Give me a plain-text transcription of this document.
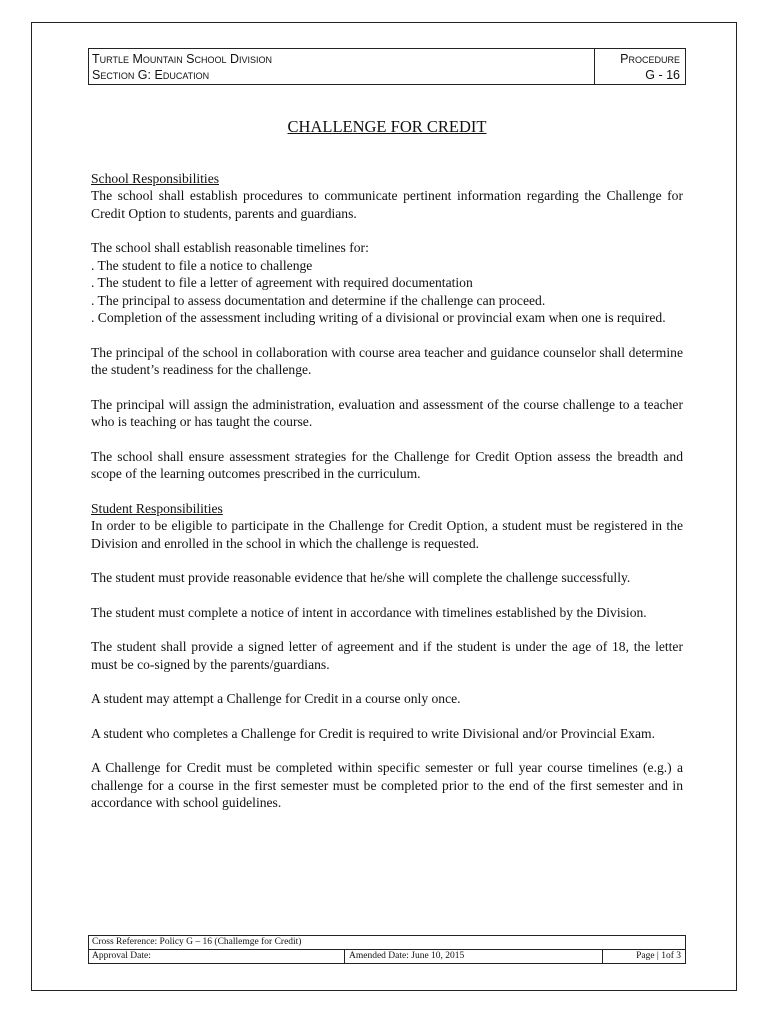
Turtle Mountain School Division
Section G: Education
Procedure
G - 16
CHALLENGE FOR CREDIT

School Responsibilities
The school shall establish procedures to communicate pertinent information regarding the Challenge for Credit Option to students, parents and guardians.

The school shall establish reasonable timelines for:
. The student to file a notice to challenge
. The student to file a letter of agreement with required documentation
. The principal to assess documentation and determine if the challenge can proceed.
. Completion of the assessment including writing of a divisional or provincial exam when one is required.

The principal of the school in collaboration with course area teacher and guidance counselor shall determine the student’s readiness for the challenge.

The principal will assign the administration, evaluation and assessment of the course challenge to a teacher who is teaching or has taught the course.

The school shall ensure assessment strategies for the Challenge for Credit Option assess the breadth and scope of the learning outcomes prescribed in the curriculum.

Student Responsibilities
In order to be eligible to participate in the Challenge for Credit Option, a student must be registered in the Division and enrolled in the school in which the challenge is requested.

The student must provide reasonable evidence that he/she will complete the challenge successfully.

The student must complete a notice of intent in accordance with timelines established by the Division.

The student shall provide a signed letter of agreement and if the student is under the age of 18, the letter must be co-signed by the parents/guardians.

A student may attempt a Challenge for Credit in a course only once.

A student who completes a Challenge for Credit is required to write Divisional and/or Provincial Exam.

A Challenge for Credit must be completed within specific semester or full year course timelines (e.g.) a challenge for a course in the first semester must be completed prior to the end of the first semester and in accordance with school guidelines.

Cross Reference: Policy G – 16 (Challemge for Credit)
Approval Date:	Amended Date: June 10, 2015	Page | 1of 3
